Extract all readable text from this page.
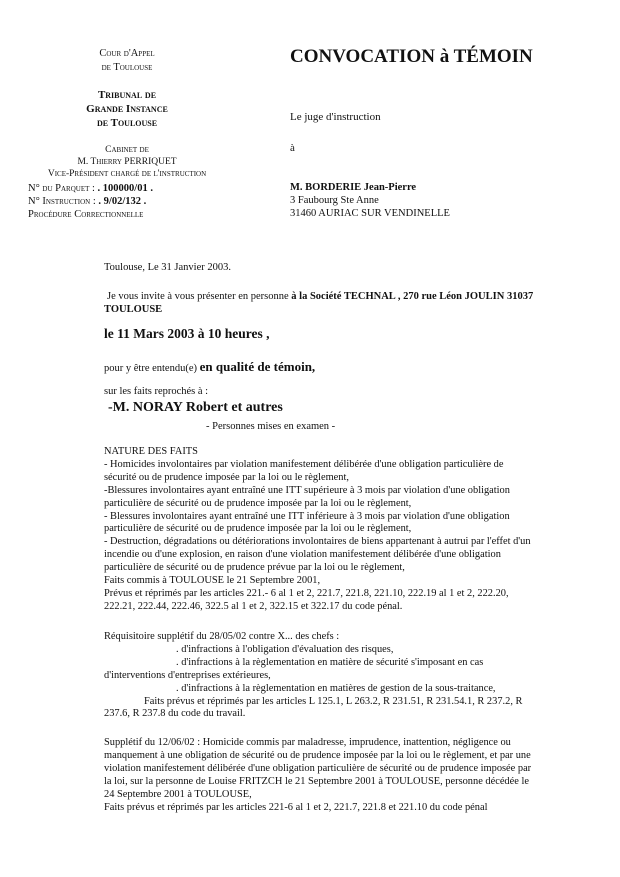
Cour d'Appel
de Toulouse
Tribunal de
Grande Instance
de Toulouse
Cabinet de
M. Thierry PERRIQUET
Vice-Président chargé de l'instruction
N° du Parquet : . 100000/01 .
N° Instruction : . 9/02/132 .
Procédure Correctionnelle
CONVOCATION à TÉMOIN
Le juge d'instruction
à
M. BORDERIE Jean-Pierre
3 Faubourg Ste Anne
31460 AURIAC SUR VENDINELLE
Toulouse, Le 31 Janvier 2003.
Je vous invite à vous présenter en personne à la Société TECHNAL , 270 rue Léon JOULIN 31037
TOULOUSE
le 11 Mars 2003 à 10 heures ,
pour y être entendu(e) en qualité de témoin,
sur les faits reprochés à :
-M. NORAY Robert et autres
- Personnes mises en examen -
NATURE DES FAITS
- Homicides involontaires par violation manifestement délibérée d'une obligation particulière de
sécurité ou de prudence imposée par la loi ou le règlement,
-Blessures involontaires ayant entraîné une ITT supérieure à 3 mois par violation d'une obligation
particulière de sécurité ou de prudence imposée par la loi ou le règlement,
- Blessures involontaires ayant entraîné une ITT inférieure à 3 mois par violation d'une obligation
particulière de sécurité ou de prudence imposée par la loi ou le règlement,
- Destruction, dégradations ou détériorations involontaires de biens appartenant à autrui par l'effet d'un
incendie ou d'une explosion, en raison d'une violation manifestement délibérée d'une obligation
particulière de sécurité ou de prudence prévue par la loi ou le règlement,
Faits commis à TOULOUSE le 21 Septembre 2001,
Prévus et réprimés par les articles 221.- 6 al 1 et 2, 221.7, 221.8, 221.10, 222.19 al 1 et 2, 222.20,
222.21, 222.44, 222.46, 322.5 al 1 et 2, 322.15 et 322.17 du code pénal.
Réquisitoire supplétif du 28/05/02 contre X... des chefs :
. d'infractions à l'obligation d'évaluation des risques,
. d'infractions à la règlementation en matière de sécurité s'imposant en cas
d'interventions d'entreprises extérieures,
. d'infractions à la règlementation en matières de gestion de la sous-traitance,
Faits prévus et réprimés par les articles L 125.1, L 263.2, R 231.51, R 231.54.1, R 237.2, R
237.6, R 237.8 du code du travail.
Supplétif du 12/06/02 : Homicide commis par maladresse, imprudence, inattention, négligence ou
manquement à une obligation de sécurité ou de prudence imposée par la loi ou le règlement, et par une
violation manifestement délibérée d'une obligation particulière de sécurité ou de prudence imposée par
la loi, sur la personne de Louise FRITZCH le 21 Septembre 2001 à TOULOUSE, personne décédée le
24 Septembre 2001 à TOULOUSE,
Faits prévus et réprimés par les articles 221-6 al 1 et 2, 221.7, 221.8 et 221.10 du code pénal
